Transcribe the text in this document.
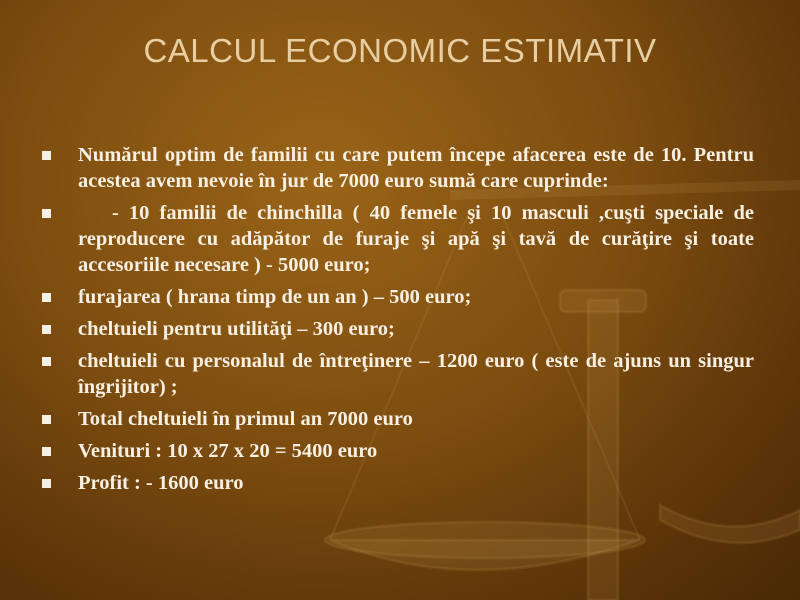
CALCUL ECONOMIC ESTIMATIV
Numărul optim de familii cu care putem începe afacerea este de 10. Pentru acestea avem nevoie în jur de 7000 euro sumă care cuprinde:
- 10 familii de chinchilla ( 40 femele şi 10 masculi ,cuşti speciale de reproducere cu adăpător de furaje şi apă şi tavă de curăţire şi toate accesoriile necesare ) - 5000 euro;
furajarea ( hrana timp de un an ) – 500 euro;
cheltuieli pentru utilităţi – 300 euro;
cheltuieli cu personalul de întreţinere – 1200 euro ( este de ajuns un singur îngrijitor) ;
Total cheltuieli în primul an 7000 euro
Venituri : 10 x 27 x 20 = 5400 euro
Profit : - 1600 euro
